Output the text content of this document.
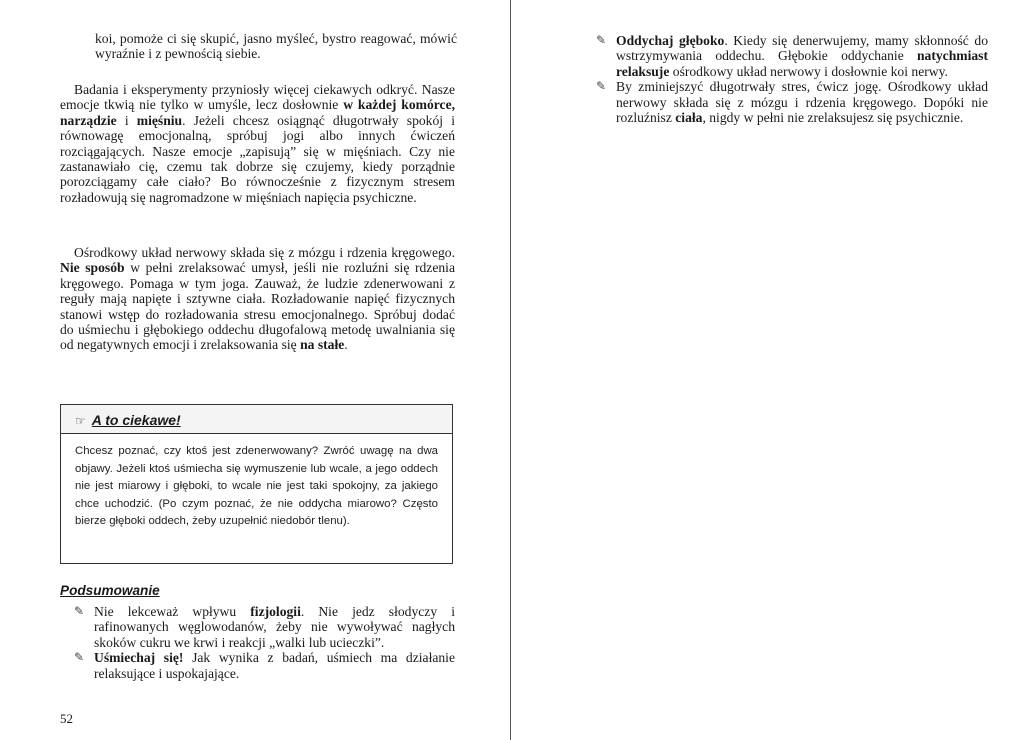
koi, pomoże ci się skupić, jasno myśleć, bystro reagować, mówić wyraźnie i z pewnością siebie.

Badania i eksperymenty przyniosły więcej ciekawych odkryć. Nasze emocje tkwią nie tylko w umyśle, lecz dosłownie w każdej komórce, narządzie i mięśniu. Jeżeli chcesz osiągnąć długotrwały spokój i równowagę emocjonalną, spróbuj jogi albo innych ćwiczeń rozciągających. Nasze emocje „zapisują” się w mięśniach. Czy nie zastanawiało cię, czemu tak dobrze się czujemy, kiedy porządnie porozciągamy całe ciało? Bo równocześnie z fizycznym stresem rozładowują się nagromadzone w mięśniach napięcia psychiczne.

Ośrodkowy układ nerwowy składa się z mózgu i rdzenia kręgowego. Nie sposób w pełni zrelaksować umysł, jeśli nie rozluźni się rdzenia kręgowego. Pomaga w tym joga. Zauważ, że ludzie zdenerwowani z reguły mają napięte i sztywne ciała. Rozładowanie napięć fizycznych stanowi wstęp do rozładowania stresu emocjonalnego. Spróbuj dodać do uśmiechu i głębokiego oddechu długofalową metodę uwalniania się od negatywnych emocji i zrelaksowania się na stałe.

☞ A to ciekawe!

Chcesz poznać, czy ktoś jest zdenerwowany? Zwróć uwagę na dwa objawy. Jeżeli ktoś uśmiecha się wymuszenie lub wcale, a jego oddech nie jest miarowy i głęboki, to wcale nie jest taki spokojny, za jakiego chce uchodzić. (Po czym poznać, że nie oddycha miarowo? Często bierze głęboki oddech, żeby uzupełnić niedobór tlenu).

Podsumowanie
✎ Nie lekceważ wpływu fizjologii. Nie jedz słodyczy i rafinowanych węglowodanów, żeby nie wywoływać nagłych skoków cukru we krwi i reakcji „walki lub ucieczki”.
✎ Uśmiechaj się! Jak wynika z badań, uśmiech ma działanie relaksujące i uspokajające.
52
✎ Oddychaj głęboko. Kiedy się denerwujemy, mamy skłonność do wstrzymywania oddechu. Głębokie oddychanie natychmiast relaksuje ośrodkowy układ nerwowy i dosłownie koi nerwy.
✎ By zminiejszyć długotrwały stres, ćwicz jogę. Ośrodkowy układ nerwowy składa się z mózgu i rdzenia kręgowego. Dopóki nie rozluźnisz ciała, nigdy w pełni nie zrelaksujesz się psychicznie.
